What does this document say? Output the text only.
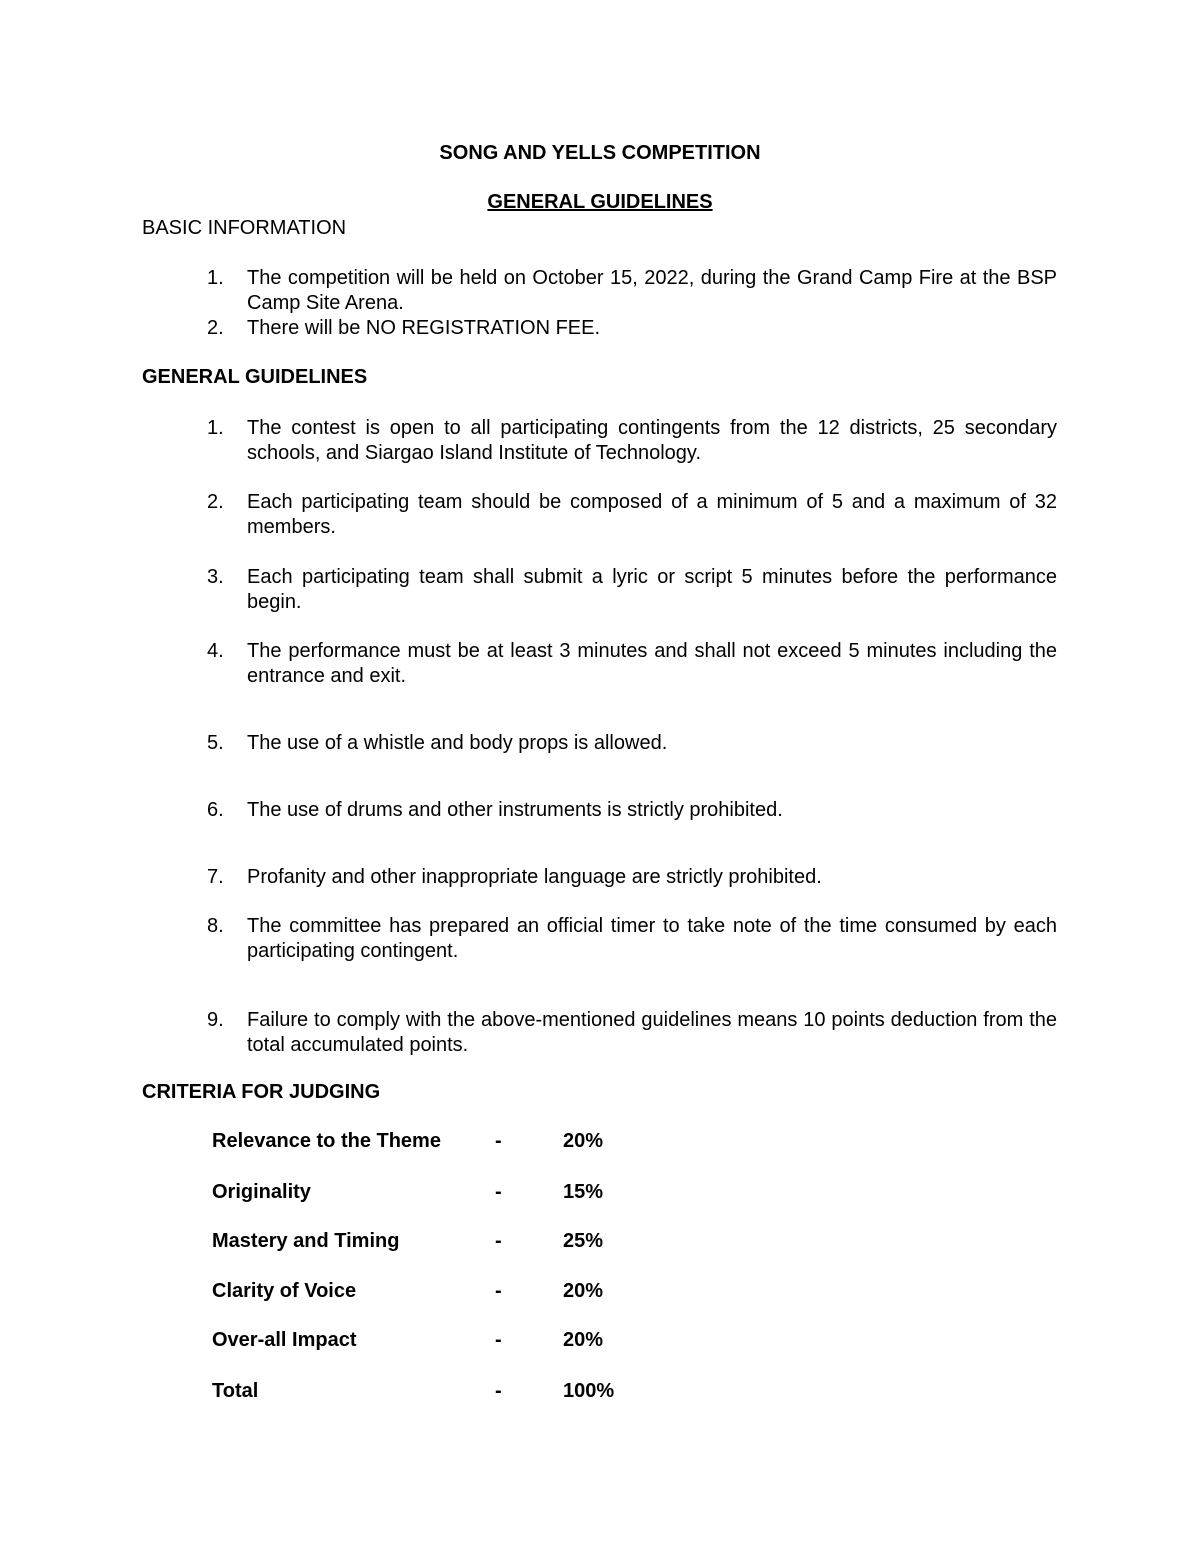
SONG AND YELLS COMPETITION
GENERAL GUIDELINES
BASIC INFORMATION
1.	The competition will be held on October 15, 2022, during the Grand Camp Fire at the BSP Camp Site Arena.
2.	There will be NO REGISTRATION FEE.
GENERAL GUIDELINES
1.	The contest is open to all participating contingents from the 12 districts, 25 secondary schools, and Siargao Island Institute of Technology.
2.	Each participating team should be composed of a minimum of 5 and a maximum of 32 members.
3.	Each participating team shall submit a lyric or script 5 minutes before the performance begin.
4.	The performance must be at least 3 minutes and shall not exceed 5 minutes including the entrance and exit.
5.	The use of a whistle and body props is allowed.
6.	The use of drums and other instruments is strictly prohibited.
7.	Profanity and other inappropriate language are strictly prohibited.
8.	The committee has prepared an official timer to take note of the time consumed by each participating contingent.
9.	Failure to comply with the above-mentioned guidelines means 10 points deduction from the total accumulated points.
CRITERIA FOR JUDGING
Relevance to the Theme	-	20%
Originality	-	15%
Mastery and Timing	-	25%
Clarity of Voice	-	20%
Over-all Impact	-	20%
Total	-	100%
